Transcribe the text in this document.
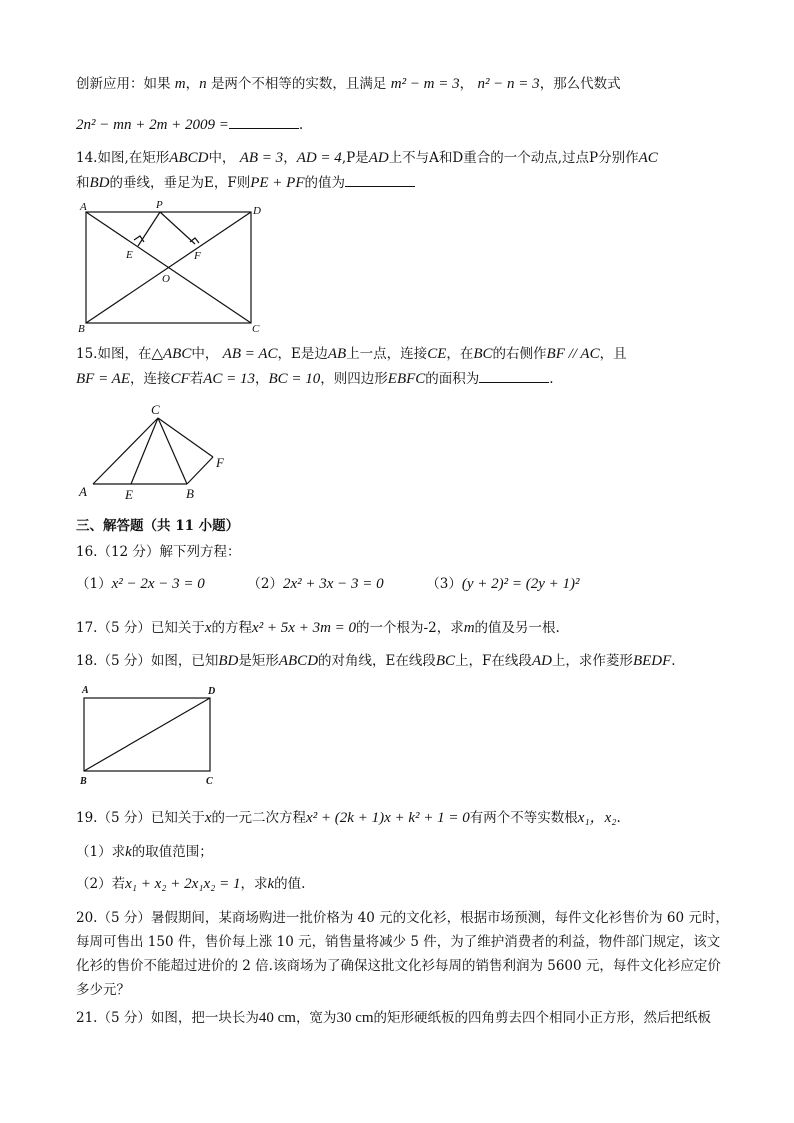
创新应用：如果 m，n 是两个不相等的实数，且满足 m² − m = 3， n² − n = 3，那么代数式
2n² − mn + 2m + 2009 =	.
14.如图,在矩形ABCD中， AB = 3，AD = 4,P是AD上不与A和D重合的一个动点,过点P分别作AC
和BD的垂线，垂足为E，F则PE + PF的值为
A	P	D
E	F
O
B	C
15.如图，在△ABC中， AB = AC，E是边AB上一点，连接CE，在BC的右侧作BF // AC，且
BF = AE，连接CF若AC = 13，BC = 10，则四边形EBFC的面积为	.
C
F
A	E	B
三、解答题（共 11 小题）
16.（12 分）解下列方程：
（1）x² − 2x − 3 = 0	（2）2x² + 3x − 3 = 0	（3）(y + 2)² = (2y + 1)²
17.（5 分）已知关于x的方程x² + 5x + 3m = 0的一个根为-2，求m的值及另一根.
18.（5 分）如图，已知BD是矩形ABCD的对角线，E在线段BC上，F在线段AD上，求作菱形BEDF.
A	D
B	C
19.（5 分）已知关于x的一元二次方程x² + (2k + 1)x + k² + 1 = 0有两个不等实数根x₁，x₂.
（1）求k的取值范围；
（2）若x₁ + x₂ + 2x₁x₂ = 1，求k的值.
20.（5 分）暑假期间，某商场购进一批价格为 40 元的文化衫，根据市场预测，每件文化衫售价为 60 元时，
每周可售出 150 件，售价每上涨 10 元，销售量将减少 5 件，为了维护消费者的利益，物件部门规定，该文
化衫的售价不能超过进价的 2 倍.该商场为了确保这批文化衫每周的销售利润为 5600 元，每件文化衫应定价
多少元？
21.（5 分）如图，把一块长为40 cm，宽为30 cm的矩形硬纸板的四角剪去四个相同小正方形，然后把纸板
